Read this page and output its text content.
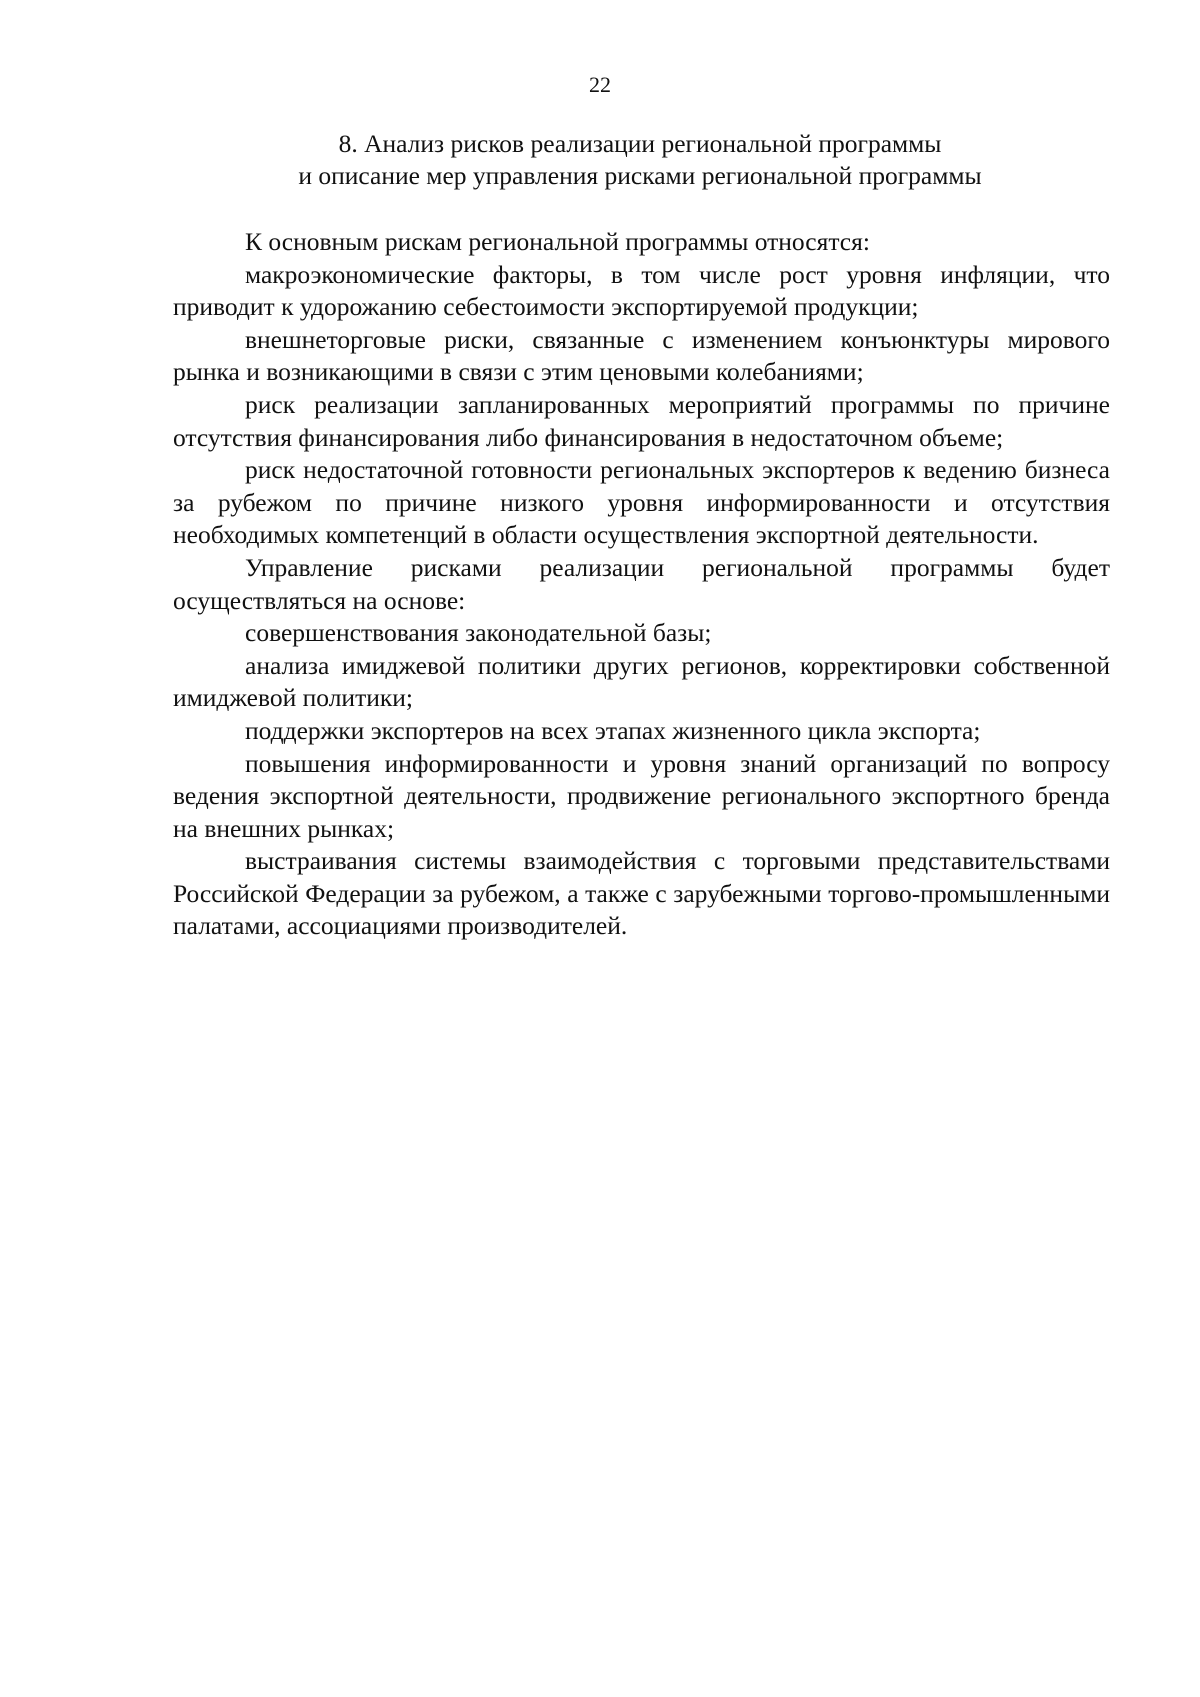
22
8. Анализ рисков реализации региональной программы
и описание мер управления рисками региональной программы

К основным рискам региональной программы относятся:

макроэкономические факторы, в том числе рост уровня инфляции, что приводит к удорожанию себестоимости экспортируемой продукции;

внешнеторговые риски, связанные с изменением конъюнктуры мирового рынка и возникающими в связи с этим ценовыми колебаниями;

риск реализации запланированных мероприятий программы по причине отсутствия финансирования либо финансирования в недостаточном объеме;

риск недостаточной готовности региональных экспортеров к ведению бизнеса за рубежом по причине низкого уровня информированности и отсутствия необходимых компетенций в области осуществления экспортной деятельности.

Управление рисками реализации региональной программы будет осуществляться на основе:

совершенствования законодательной базы;

анализа имиджевой политики других регионов, корректировки собственной имиджевой политики;

поддержки экспортеров на всех этапах жизненного цикла экспорта;

повышения информированности и уровня знаний организаций по вопросу ведения экспортной деятельности, продвижение регионального экспортного бренда на внешних рынках;

выстраивания системы взаимодействия с торговыми представительствами Российской Федерации за рубежом, а также с зарубежными торгово-промышленными палатами, ассоциациями производителей.
